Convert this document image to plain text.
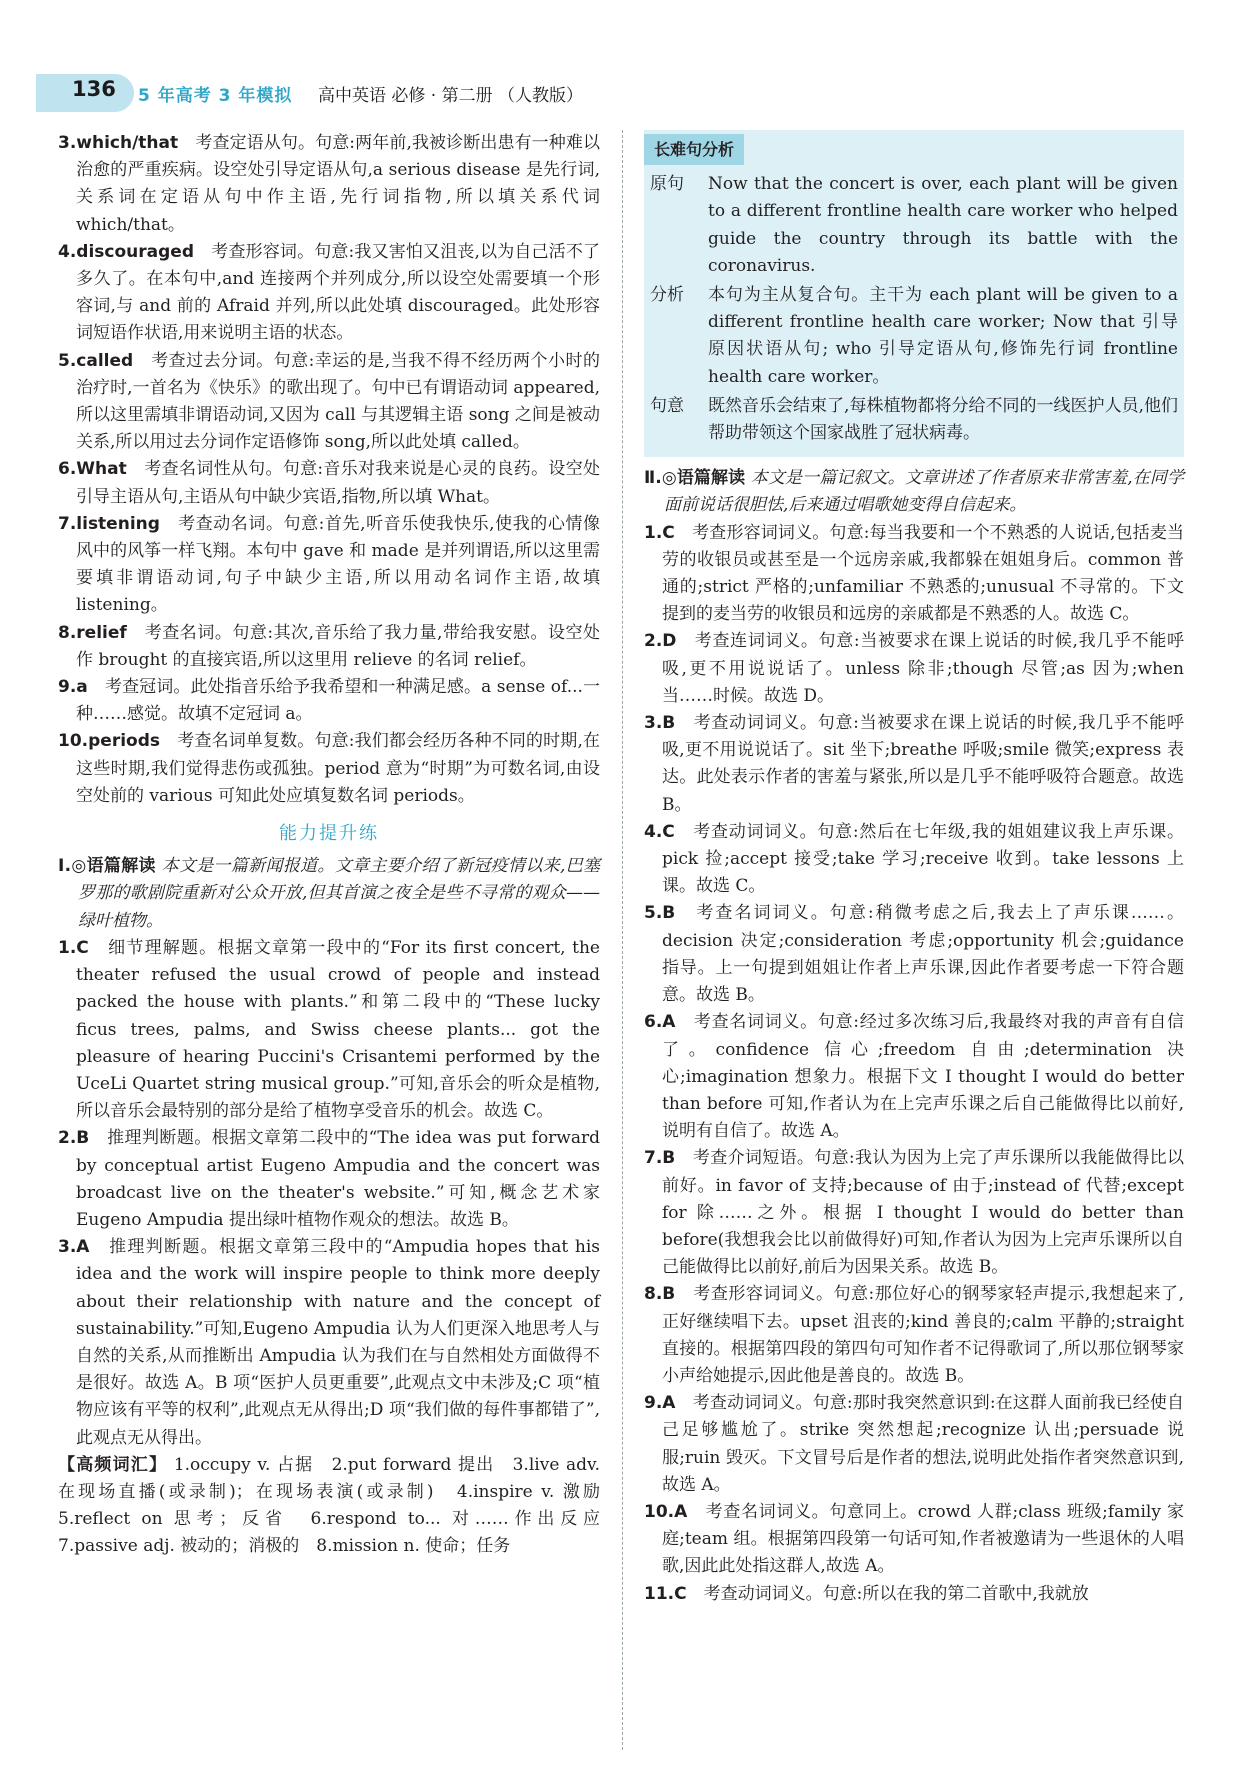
136 5 年高考 3 年模拟 高中英语 必修 · 第二册 （人教版）
3.which/that　 考查定语从句。句意:两年前,我被诊断出患有一种难以治愈的严重疾病。设空处引导定语从句,a serious disease 是先行词,关系词在定语从句中作主语,先行词指物,所以填关系代词 which/that。
4.discouraged　 考查形容词。句意:我又害怕又沮丧,以为自己活不了多久了。在本句中,and 连接两个并列成分,所以设空处需要填一个形容词,与 and 前的 Afraid 并列,所以此处填 discouraged。此处形容词短语作状语,用来说明主语的状态。
5.called　 考查过去分词。句意:幸运的是,当我不得不经历两个小时的治疗时,一首名为《快乐》的歌出现了。句中已有谓语动词 appeared,所以这里需填非谓语动词,又因为 call 与其逻辑主语 song 之间是被动关系,所以用过去分词作定语修饰 song,所以此处填 called。
6.What　 考查名词性从句。句意:音乐对我来说是心灵的良药。设空处引导主语从句,主语从句中缺少宾语,指物,所以填 What。
7.listening　 考查动名词。句意:首先,听音乐使我快乐,使我的心情像风中的风筝一样飞翔。本句中 gave 和 made 是并列谓语,所以这里需要填非谓语动词,句子中缺少主语,所以用动名词作主语,故填 listening。
8.relief　 考查名词。句意:其次,音乐给了我力量,带给我安慰。设空处作 brought 的直接宾语,所以这里用 relieve 的名词 relief。
9.a　 考查冠词。此处指音乐给予我希望和一种满足感。a sense of...一种……感觉。故填不定冠词 a。
10.periods　 考查名词单复数。句意:我们都会经历各种不同的时期,在这些时期,我们觉得悲伤或孤独。period 意为“时期”为可数名词,由设空处前的 various 可知此处应填复数名词 periods。
能力提升练
Ⅰ.◎语篇解读 本文是一篇新闻报道。文章主要介绍了新冠疫情以来,巴塞罗那的歌剧院重新对公众开放,但其首演之夜全是些不寻常的观众——绿叶植物。
1.C　 细节理解题。根据文章第一段中的“For its first concert, the theater refused the usual crowd of people and instead packed the house with plants.”和第二段中的“These lucky ficus trees, palms, and Swiss cheese plants... got the pleasure of hearing Puccini's Crisantemi performed by the UceLi Quartet string musical group.”可知,音乐会的听众是植物,所以音乐会最特别的部分是给了植物享受音乐的机会。故选 C。
2.B　 推理判断题。根据文章第二段中的“The idea was put forward by conceptual artist Eugeno Ampudia and the concert was broadcast live on the theater's website.”可知,概念艺术家 Eugeno Ampudia 提出绿叶植物作观众的想法。故选 B。
3.A　 推理判断题。根据文章第三段中的“Ampudia hopes that his idea and the work will inspire people to think more deeply about their relationship with nature and the concept of sustainability.”可知,Eugeno Ampudia 认为人们更深入地思考人与自然的关系,从而推断出 Ampudia 认为我们在与自然相处方面做得不是很好。故选 A。B 项“医护人员更重要”,此观点文中未涉及;C 项“植物应该有平等的权利”,此观点无从得出;D 项“我们做的每件事都错了”,此观点无从得出。
【高频词汇】 1.occupy v. 占据　2.put forward 提出　3.live adv. 在现场直播(或录制)；在现场表演(或录制)　4.inspire v. 激励　5.reflect on 思考；反省　6.respond to... 对……作出反应　7.passive adj. 被动的；消极的　8.mission n. 使命；任务
长难句分析
原句	Now that the concert is over, each plant will be given to a different frontline health care worker who helped guide the country through its battle with the coronavirus.
分析	本句为主从复合句。主干为 each plant will be given to a different frontline health care worker; Now that 引导原因状语从句; who 引导定语从句,修饰先行词 frontline health care worker。
句意	既然音乐会结束了,每株植物都将分给不同的一线医护人员,他们帮助带领这个国家战胜了冠状病毒。
Ⅱ.◎语篇解读 本文是一篇记叙文。文章讲述了作者原来非常害羞,在同学面前说话很胆怯,后来通过唱歌她变得自信起来。
1.C　 考查形容词词义。句意:每当我要和一个不熟悉的人说话,包括麦当劳的收银员或甚至是一个远房亲戚,我都躲在姐姐身后。common 普通的;strict 严格的;unfamiliar 不熟悉的;unusual 不寻常的。下文提到的麦当劳的收银员和远房的亲戚都是不熟悉的人。故选 C。
2.D　 考查连词词义。句意:当被要求在课上说话的时候,我几乎不能呼吸,更不用说说话了。unless 除非;though 尽管;as 因为;when 当……时候。故选 D。
3.B　 考查动词词义。句意:当被要求在课上说话的时候,我几乎不能呼吸,更不用说说话了。sit 坐下;breathe 呼吸;smile 微笑;express 表达。此处表示作者的害羞与紧张,所以是几乎不能呼吸符合题意。故选 B。
4.C　 考查动词词义。句意:然后在七年级,我的姐姐建议我上声乐课。pick 捡;accept 接受;take 学习;receive 收到。take lessons 上课。故选 C。
5.B　 考查名词词义。句意:稍微考虑之后,我去上了声乐课……。decision 决定;consideration 考虑;opportunity 机会;guidance 指导。上一句提到姐姐让作者上声乐课,因此作者要考虑一下符合题意。故选 B。
6.A　 考查名词词义。句意:经过多次练习后,我最终对我的声音有自信了。confidence 信心;freedom 自由;determination 决心;imagination 想象力。根据下文 I thought I would do better than before 可知,作者认为在上完声乐课之后自己能做得比以前好,说明有自信了。故选 A。
7.B　 考查介词短语。句意:我认为因为上完了声乐课所以我能做得比以前好。in favor of 支持;because of 由于;instead of 代替;except for 除……之外。根据 I thought I would do better than before(我想我会比以前做得好)可知,作者认为因为上完声乐课所以自己能做得比以前好,前后为因果关系。故选 B。
8.B　 考查形容词词义。句意:那位好心的钢琴家轻声提示,我想起来了,正好继续唱下去。upset 沮丧的;kind 善良的;calm 平静的;straight 直接的。根据第四段的第四句可知作者不记得歌词了,所以那位钢琴家小声给她提示,因此他是善良的。故选 B。
9.A　 考查动词词义。句意:那时我突然意识到:在这群人面前我已经使自己足够尴尬了。strike 突然想起;recognize 认出;persuade 说服;ruin 毁灭。下文冒号后是作者的想法,说明此处指作者突然意识到,故选 A。
10.A　 考查名词词义。句意同上。crowd 人群;class 班级;family 家庭;team 组。根据第四段第一句话可知,作者被邀请为一些退休的人唱歌,因此此处指这群人,故选 A。
11.C　 考查动词词义。句意:所以在我的第二首歌中,我就放
